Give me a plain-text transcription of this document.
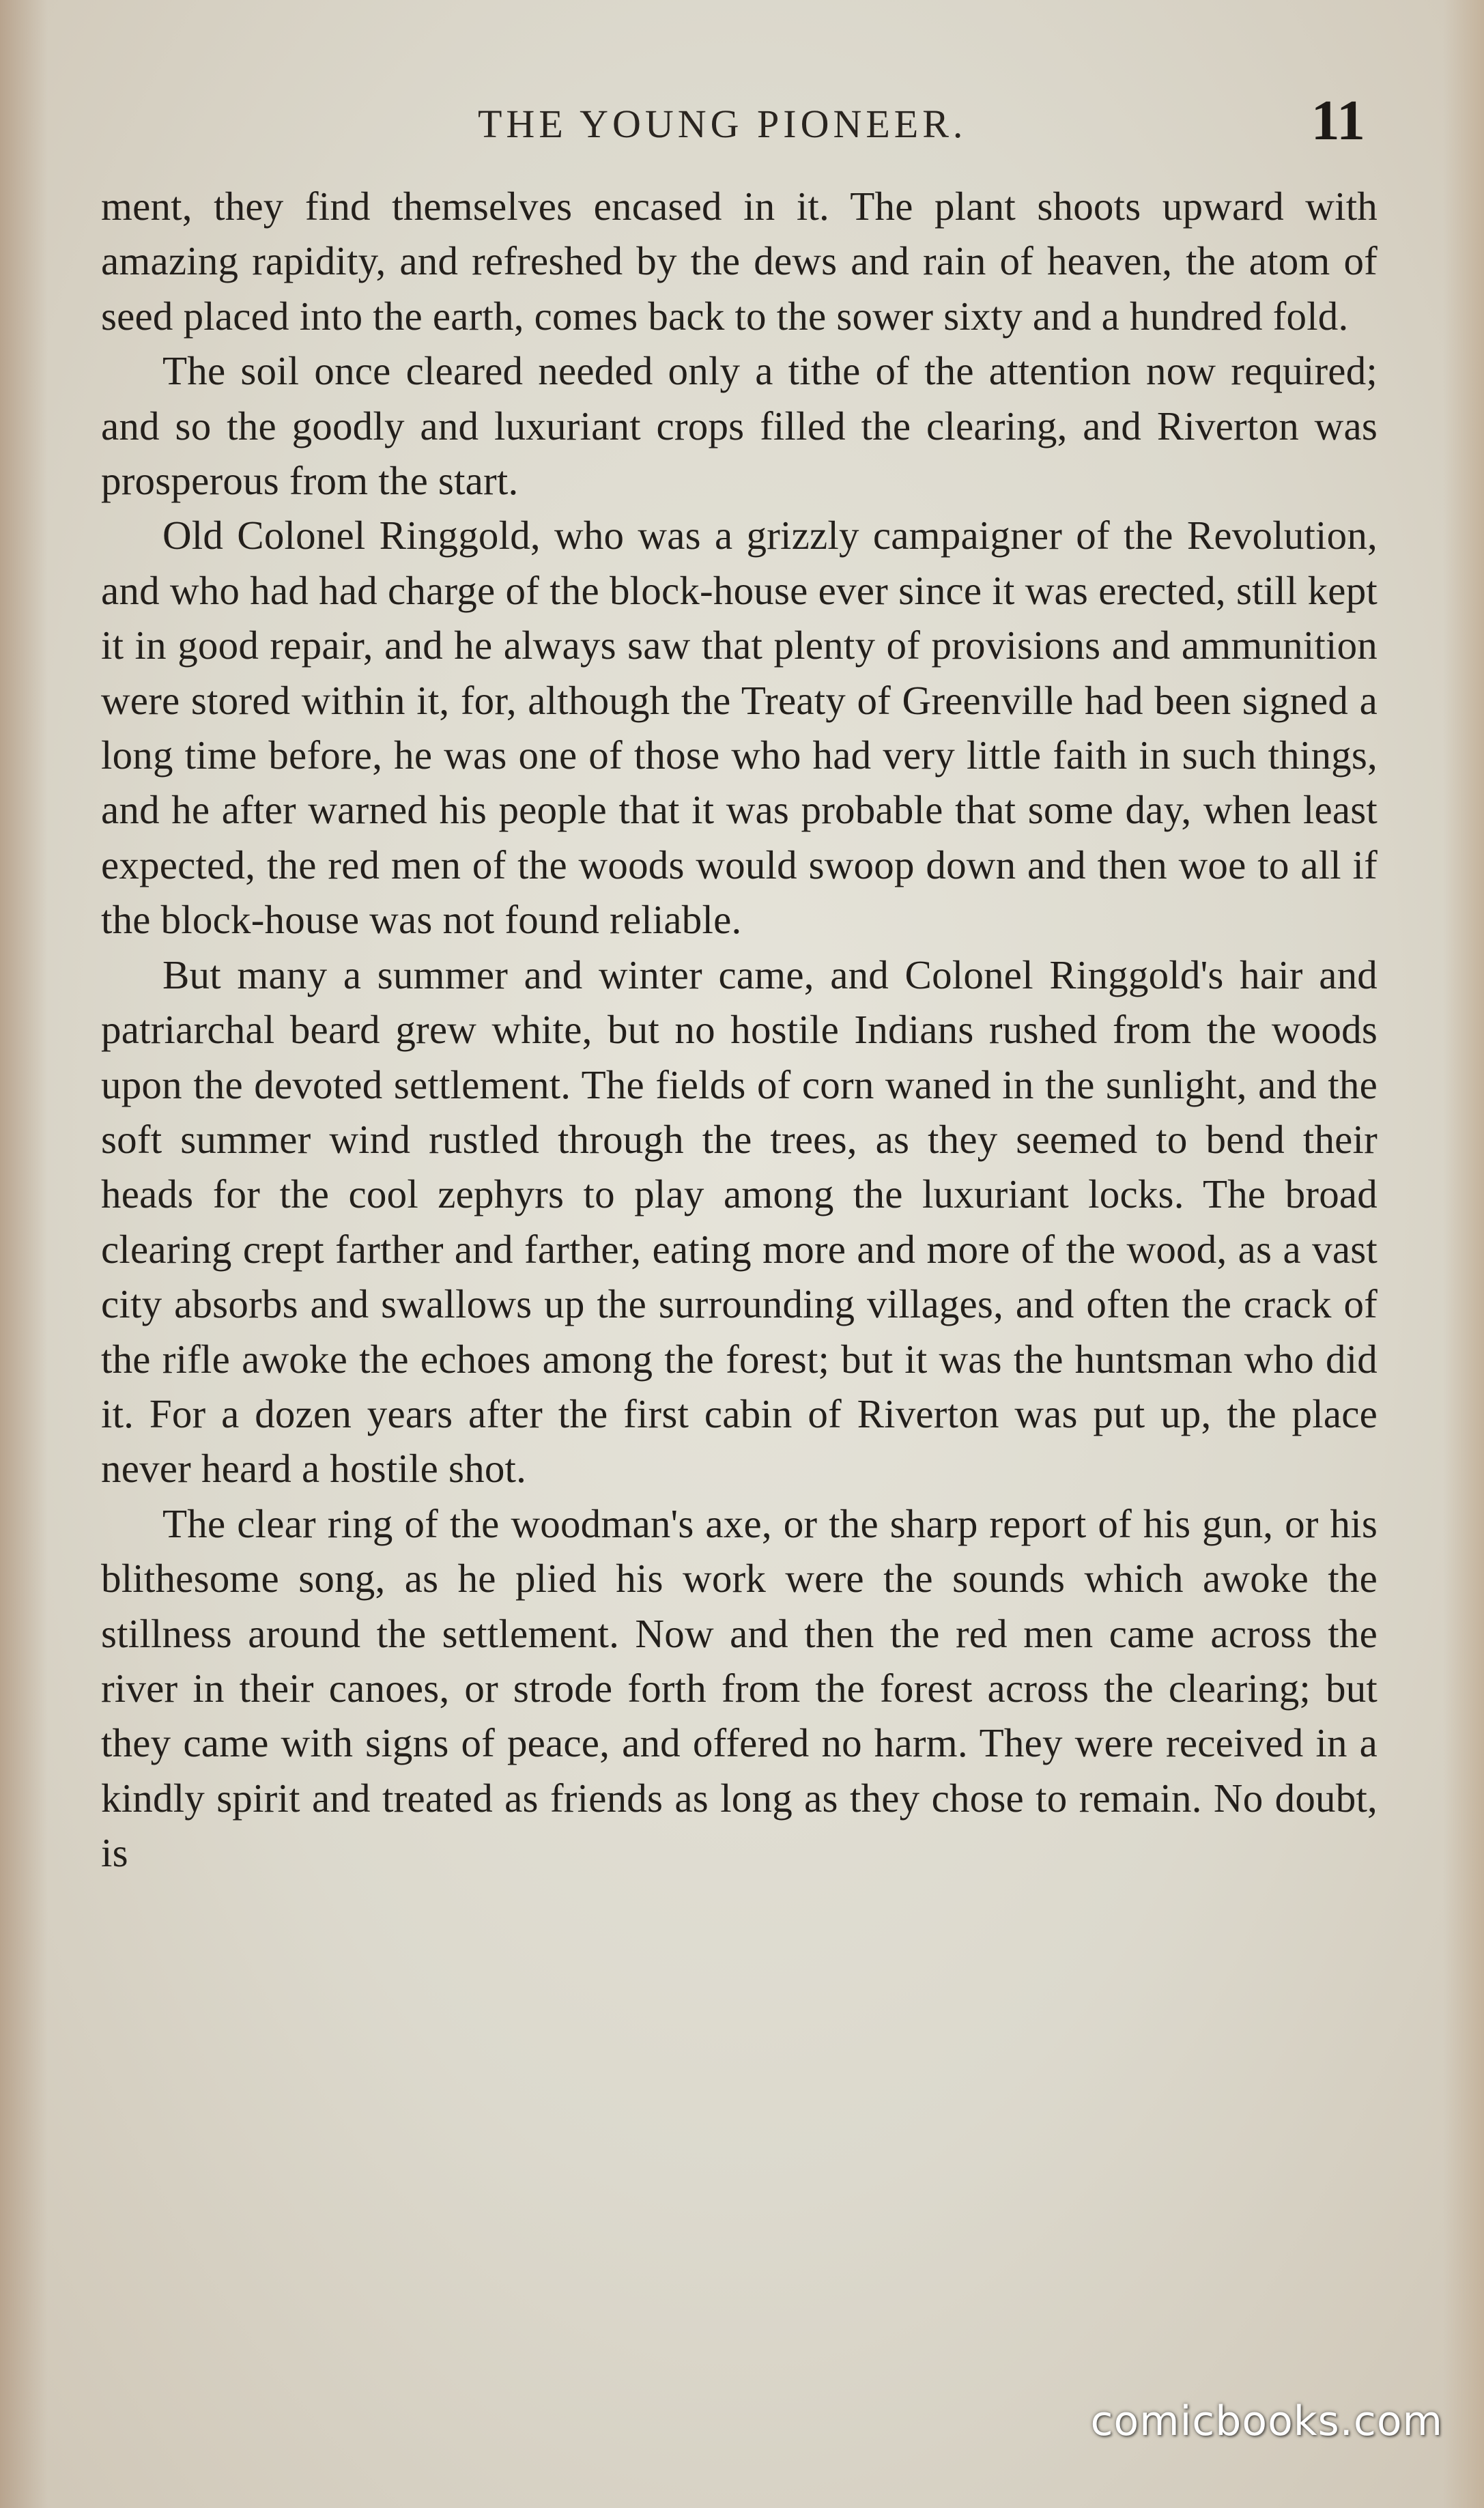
THE YOUNG PIONEER.	11

ment, they find themselves encased in it. The plant shoots upward with amazing rapidity, and refreshed by the dews and rain of heaven, the atom of seed placed into the earth, comes back to the sower sixty and a hundred fold.

The soil once cleared needed only a tithe of the attention now required; and so the goodly and luxuriant crops filled the clearing, and Riverton was prosperous from the start.

Old Colonel Ringgold, who was a grizzly campaigner of the Revolution, and who had had charge of the block-house ever since it was erected, still kept it in good repair, and he always saw that plenty of provisions and ammunition were stored within it, for, although the Treaty of Greenville had been signed a long time before, he was one of those who had very little faith in such things, and he after warned his people that it was probable that some day, when least expected, the red men of the woods would swoop down and then woe to all if the block-house was not found reliable.

But many a summer and winter came, and Colonel Ringgold's hair and patriarchal beard grew white, but no hostile Indians rushed from the woods upon the devoted settlement. The fields of corn waned in the sunlight, and the soft summer wind rustled through the trees, as they seemed to bend their heads for the cool zephyrs to play among the luxuriant locks. The broad clearing crept farther and farther, eating more and more of the wood, as a vast city absorbs and swallows up the surrounding villages, and often the crack of the rifle awoke the echoes among the forest; but it was the huntsman who did it. For a dozen years after the first cabin of Riverton was put up, the place never heard a hostile shot.

The clear ring of the woodman's axe, or the sharp report of his gun, or his blithesome song, as he plied his work were the sounds which awoke the stillness around the settlement. Now and then the red men came across the river in their canoes, or strode forth from the forest across the clearing; but they came with signs of peace, and offered no harm. They were received in a kindly spirit and treated as friends as long as they chose to remain. No doubt, is

comicbooks.com
